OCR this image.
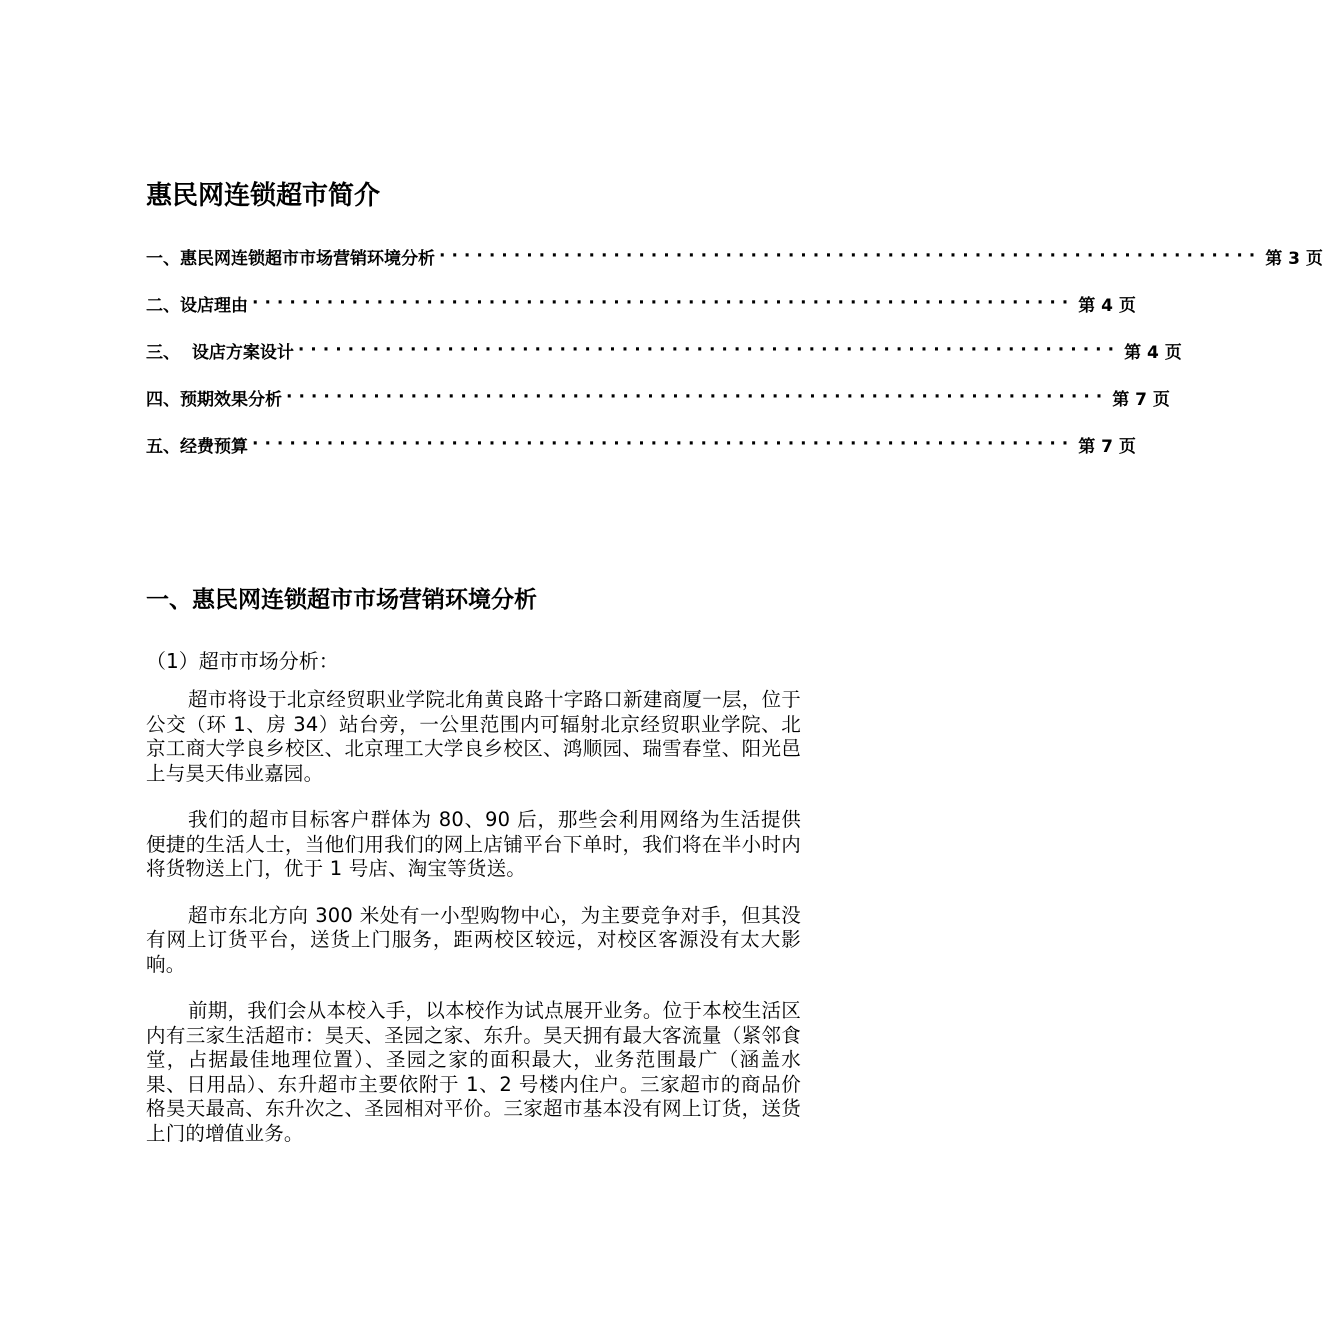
惠民网连锁超市简介
一、惠民网连锁超市市场营销环境分析 ·································································· 第 3 页
二、设店理由 ·································································· 第 4 页
三、  设店方案设计 ·································································· 第 4 页
四、预期效果分析 ·································································· 第 7 页
五、经费预算 ·································································· 第 7 页
一、惠民网连锁超市市场营销环境分析
（1）超市市场分析：

超市将设于北京经贸职业学院北角黄良路十字路口新建商厦一层，位于公交（环 1、房 34）站台旁，一公里范围内可辐射北京经贸职业学院、北京工商大学良乡校区、北京理工大学良乡校区、鸿顺园、瑞雪春堂、阳光邑上与昊天伟业嘉园。

我们的超市目标客户群体为 80、90 后，那些会利用网络为生活提供便捷的生活人士，当他们用我们的网上店铺平台下单时，我们将在半小时内将货物送上门，优于 1 号店、淘宝等货送。

超市东北方向 300 米处有一小型购物中心，为主要竞争对手，但其没有网上订货平台，送货上门服务，距两校区较远，对校区客源没有太大影响。

前期，我们会从本校入手，以本校作为试点展开业务。位于本校生活区内有三家生活超市：昊天、圣园之家、东升。昊天拥有最大客流量（紧邻食堂，占据最佳地理位置）、圣园之家的面积最大，业务范围最广（涵盖水果、日用品）、东升超市主要依附于 1、2 号楼内住户。三家超市的商品价格昊天最高、东升次之、圣园相对平价。三家超市基本没有网上订货，送货上门的增值业务。
